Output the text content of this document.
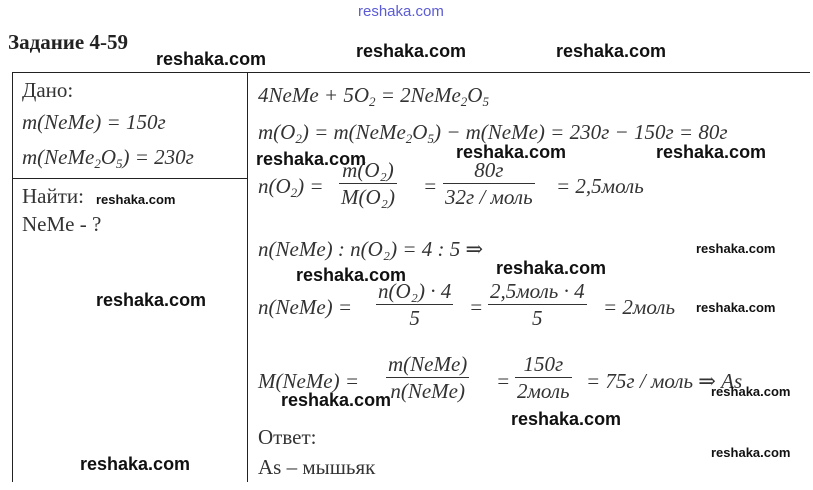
reshaka.com
Задание 4-59
Дано:
m(NeMe) = 150г
$m(NeMe_2O_5) = 230г$
Найти:
NeMe - ?
4NeMe + $5O_2$ = $2NeMe_2O_5$
$m(O_2)$ = $m(NeMe_2O_5)$ − m(NeMe) = 230г − 150г = 80г
$n(O_2)$ =
m(O₂)
M(O₂) =
80г
32г / моль = 2,5моль
n(NeMe) : n(O₂) = 4 : 5 ⇒
n(NeMe) =
n(O₂) · 4
5 =
2,5моль · 4
5	= 2моль
M(NeMe) =
m(NeMe)
n(NeMe) =
150г
2моль = 75г / моль ⇒ As
Ответ:
As – мышьяк
reshaka.com	reshaka.com	reshaka.com
reshaka.com
reshaka.com	reshaka.com	reshaka.com
reshaka.com
reshaka.com	reshaka.com
reshaka.com	reshaka.com
reshaka.com	reshaka.com
reshaka.com
reshaka.com
reshaka.com
